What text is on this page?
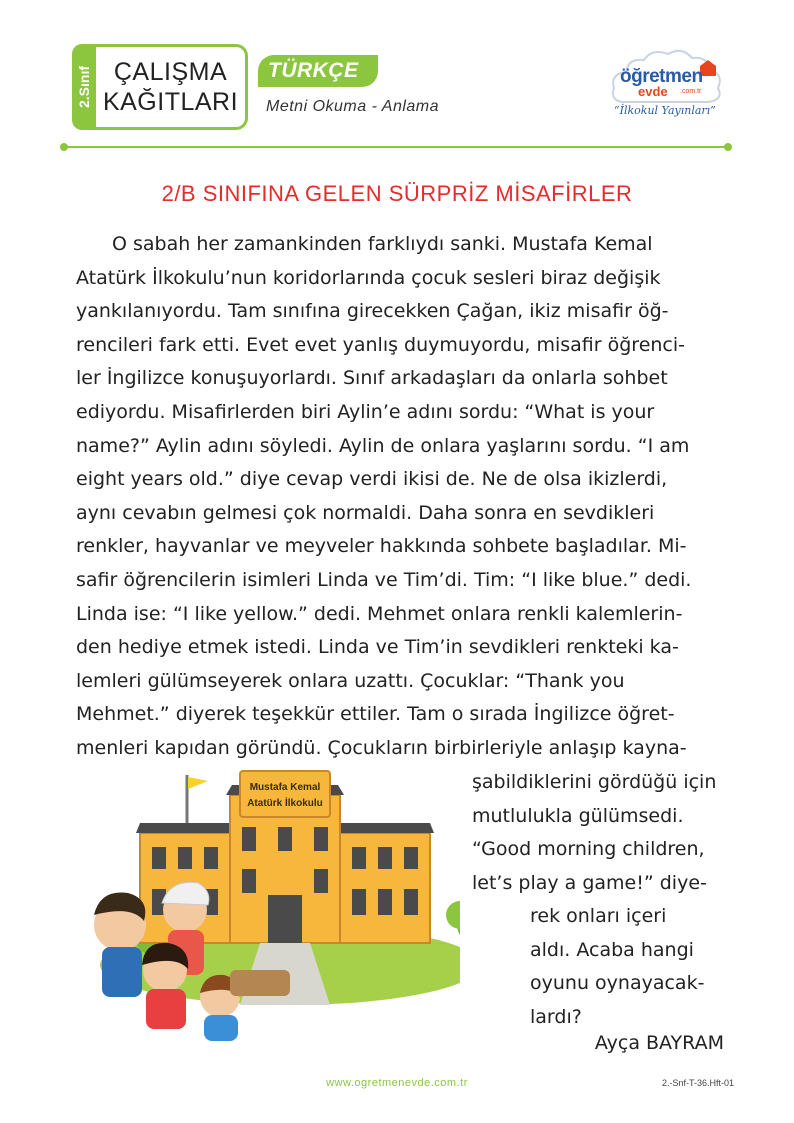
2.Sınıf ÇALIŞMA
KAĞITLARI
TÜRKÇE
Metni Okuma - Anlama
öğretmen
evde .com.tr
“İlkokul Yayınları”
2/B SINIFINA GELEN SÜRPRİZ MİSAFİRLER
O sabah her zamankinden farklıydı sanki. Mustafa Kemal
Atatürk İlkokulu’nun koridorlarında çocuk sesleri biraz değişik
yankılanıyordu. Tam sınıfına girecekken Çağan, ikiz misafir öğ-
rencileri fark etti. Evet evet yanlış duymuyordu, misafir öğrenci-
ler İngilizce konuşuyorlardı. Sınıf arkadaşları da onlarla sohbet
ediyordu. Misafirlerden biri Aylin’e adını sordu: “What is your
name?” Aylin adını söyledi. Aylin de onlara yaşlarını sordu. “I am
eight years old.” diye cevap verdi ikisi de. Ne de olsa ikizlerdi,
aynı cevabın gelmesi çok normaldi. Daha sonra en sevdikleri
renkler, hayvanlar ve meyveler hakkında sohbete başladılar. Mi-
safir öğrencilerin isimleri Linda ve Tim’di. Tim: “I like blue.” dedi.
Linda ise: “I like yellow.” dedi. Mehmet onlara renkli kalemlerin-
den hediye etmek istedi. Linda ve Tim’in sevdikleri renkteki ka-
lemleri gülümseyerek onlara uzattı. Çocuklar: “Thank you
Mehmet.” diyerek teşekkür ettiler. Tam o sırada İngilizce öğret-
menleri kapıdan göründü. Çocukların birbirleriyle anlaşıp kayna-
şabildiklerini gördüğü için
mutlulukla gülümsedi.
“Good morning children,
let’s play a game!” diye-
rek onları içeri
aldı. Acaba hangi
oyunu oynayacak-
lardı?
Ayça BAYRAM
Mustafa Kemal
Atatürk İlkokulu
www.ogretmenevde.com.tr	2.-Snf-T-36.Hft-01
